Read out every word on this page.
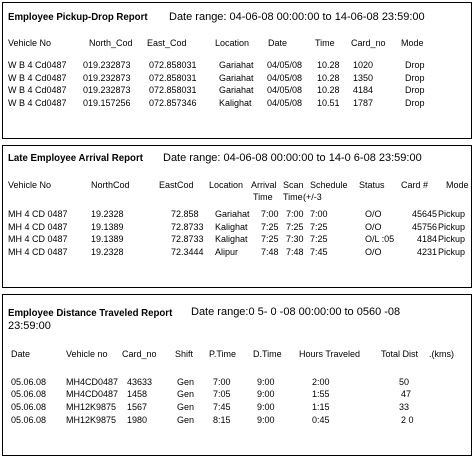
Employee Pickup-Drop Report Date range: 04-06-08 00:00:00 to 14-06-08 23:59:00
Vehicle No	North_Cod East_Cod	Location Date	Time Card_no Mode
W B 4 Cd0487 019.232873 072.858031 Gariahat 04/05/08 10.28 1020	Drop
W B 4 Cd0487 019.232873 072.858031 Gariahat 04/05/08 10.28 1350	Drop
W B 4 Cd0487 019.232873 072.858031 Gariahat 04/05/08 10.28 4184	Drop
W B 4 Cd0487 019.157256 072.857346 Kalighat 04/05/08 10.51 1787	Drop
Late Employee Arrival Report Date range: 04-06-08 00:00:00 to 14-0 6-08 23:59:00
Vehicle No	NorthCod	EastCod Location Arrival Scan Schedule Status Card # Mode
Time Time (+/-3
MH 4 CD 0487	19.2328	72.858 Gariahat 7:00 7:00 7:00	O/O	45645 Pickup
MH 4 CD 0487	19.1389	72.8733 Kalighat 7:25 7:25 7:25	O/O	45756 Pickup
MH 4 CD 0487	19.1389	72.8733 Kalighat 7:25 7:30 7:25	O/L :05	4184 Pickup
MH 4 CD 0487	19.2328	72.3444 Alipur	7:48 7:48 7:45	O/O	4231 Pickup
Employee Distance Traveled Report Date range:0 5- 0 -08 00:00:00 to 0560 -08
23:59:00
Date	Vehicle no Card_no Shift P.Time D.Time Hours Traveled Total Dist .(kms)
05.06.08 MH4CD0487 43633	Gen 7:00	9:00	2:00	50
05.06.08 MH4CD0487 1458	Gen 7:05	9:00	1:55	47
05.06.08 MH12K9875 1567	Gen 7:45	9:00	1:15	33
05.06.08 MH12K9875 1980	Gen 8:15	9:00	0:45	2 0
